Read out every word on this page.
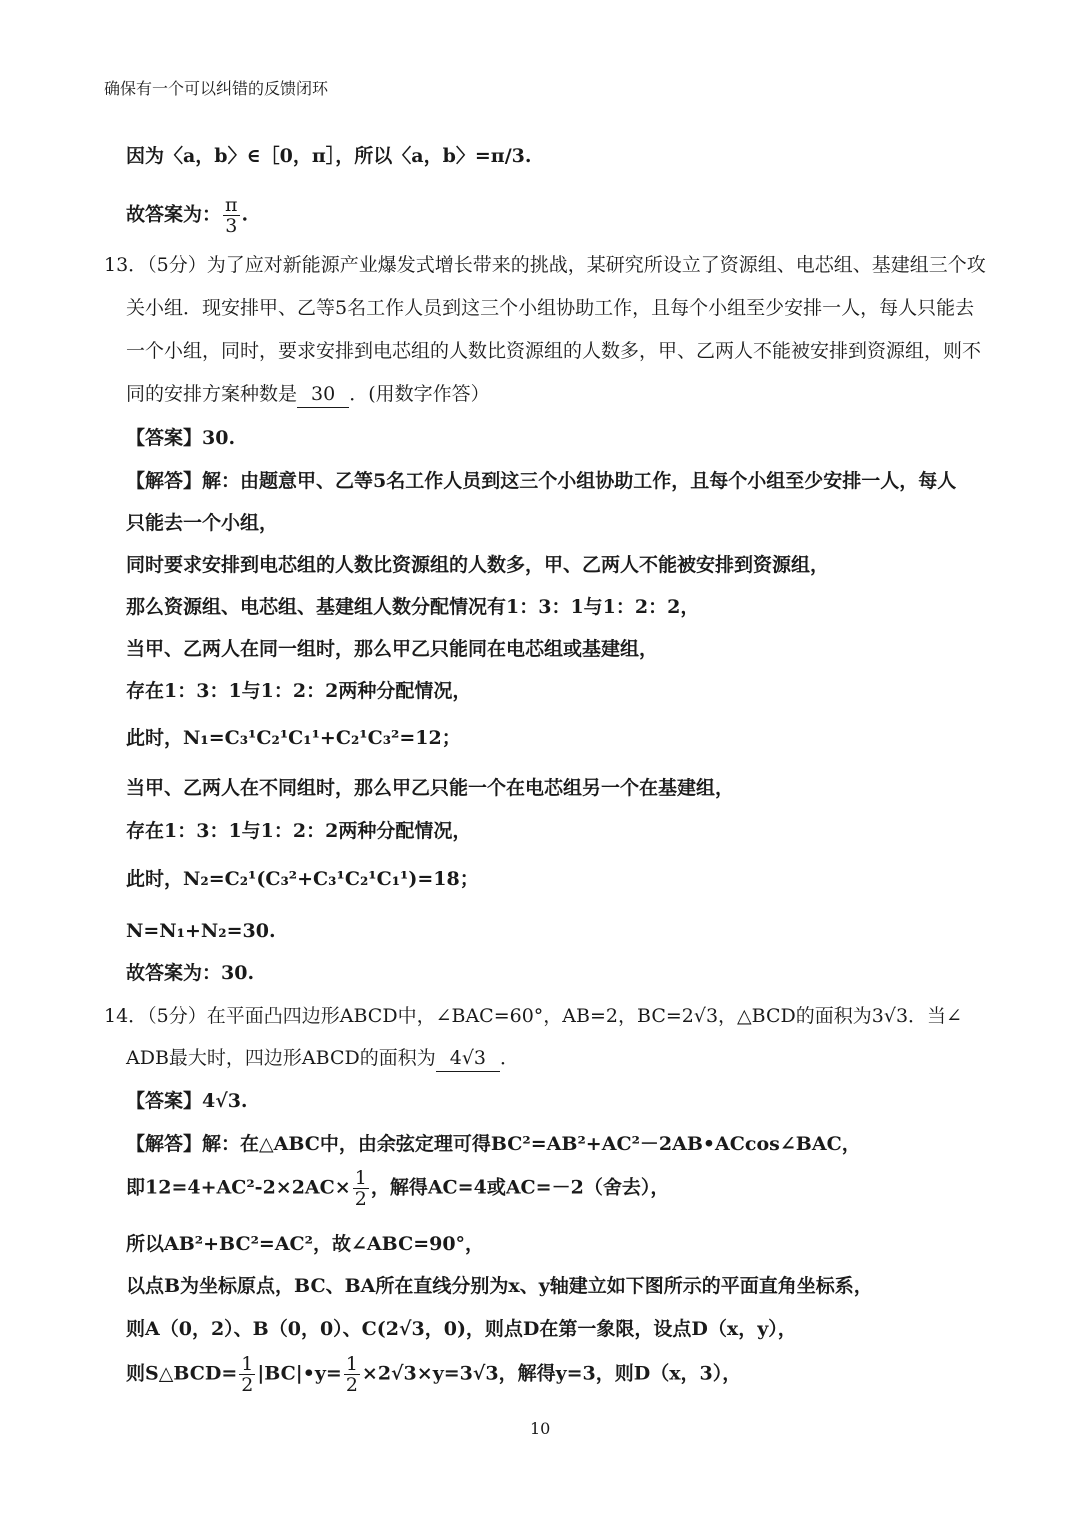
确保有一个可以纠错的反馈闭环
因为〈a，b〉∈［0，π］，所以〈a，b〉=π/3.
故答案为： $\frac{\pi}{3}$ .
13．（5分）为了应对新能源产业爆发式增长带来的挑战，某研究所设立了资源组、电芯组、基建组三个攻
关小组．现安排甲、乙等5名工作人员到这三个小组协助工作，且每个小组至少安排一人，每人只能去
一个小组，同时，要求安排到电芯组的人数比资源组的人数多，甲、乙两人不能被安排到资源组，则不
同的安排方案种数是 30 ．(用数字作答）
【答案】30.
【解答】解：由题意甲、乙等5名工作人员到这三个小组协助工作，且每个小组至少安排一人，每人
只能去一个小组，
同时要求安排到电芯组的人数比资源组的人数多，甲、乙两人不能被安排到资源组，
那么资源组、电芯组、基建组人数分配情况有1：3：1与1：2：2，
当甲、乙两人在同一组时，那么甲乙只能同在电芯组或基建组，
存在1：3：1与1：2：2两种分配情况，
此时，N₁=C₃¹C₂¹C₁¹+C₂¹C₃²=12；
当甲、乙两人在不同组时，那么甲乙只能一个在电芯组另一个在基建组，
存在1：3：1与1：2：2两种分配情况，
此时，N₂=C₂¹(C₃²+C₃¹C₂¹C₁¹)=18；
N=N₁+N₂=30.
故答案为：30.
14．（5分）在平面凸四边形ABCD中，∠BAC=60°，AB=2，BC=2√3，△BCD的面积为3√3．当∠
ADB最大时，四边形ABCD的面积为 4√3 ．
【答案】4√3.
【解答】解：在△ABC中，由余弦定理可得BC²=AB²+AC²－2AB•ACcos∠BAC，
即$12=4+AC^2-2\times 2AC\times \frac{1}{2}$ ，解得AC=4或AC=－2（舍去），
所以AB²+BC²=AC²，故∠ABC=90°，
以点B为坐标原点，BC、BA所在直线分别为x、y轴建立如下图所示的平面直角坐标系，
则A（0，2）、B（0，0）、C(2√3，0)，则点D在第一象限，设点D（x，y），
则S△BCD= $\frac{1}{2}$ |BC|•y= $\frac{1}{2} \times 2√3\times y=3√3$，解得y=3，则D（x，3），
10
